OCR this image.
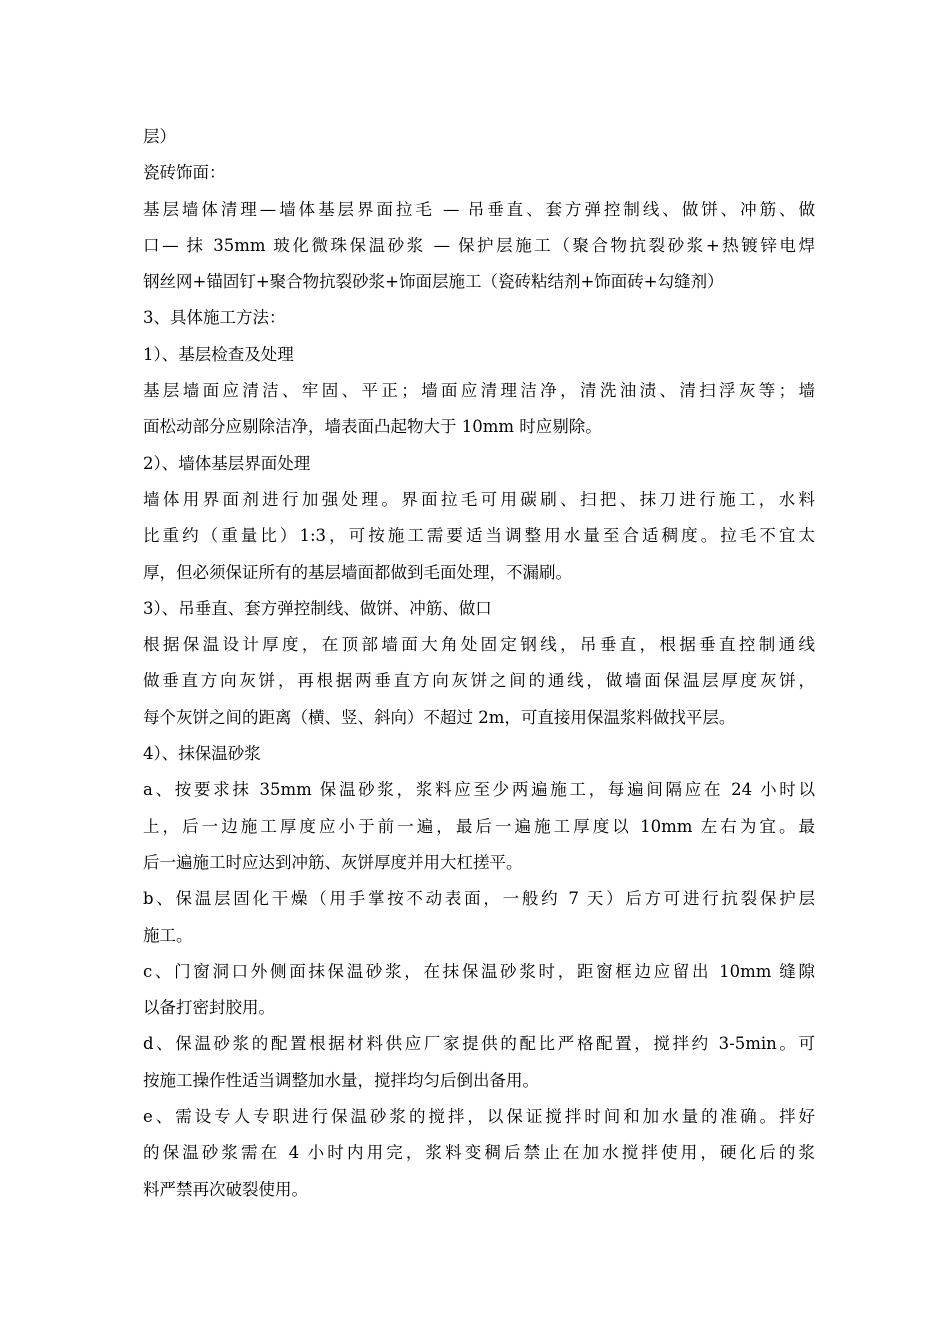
层）
瓷砖饰面：
基层墙体清理—墙体基层界面拉毛 — 吊垂直、套方弹控制线、做饼、冲筋、做
口— 抹 35mm 玻化微珠保温砂浆 — 保护层施工（聚合物抗裂砂浆+热镀锌电焊
钢丝网+锚固钉+聚合物抗裂砂浆+饰面层施工（瓷砖粘结剂+饰面砖+勾缝剂）
3、具体施工方法：
1）、基层检查及处理
基层墙面应清洁、牢固、平正；墙面应清理洁净，清洗油渍、清扫浮灰等；墙
面松动部分应剔除洁净，墙表面凸起物大于 10mm 时应剔除。
2）、墙体基层界面处理
墙体用界面剂进行加强处理。界面拉毛可用碳刷、扫把、抹刀进行施工，水料
比重约（重量比）1:3，可按施工需要适当调整用水量至合适稠度。拉毛不宜太
厚，但必须保证所有的基层墙面都做到毛面处理，不漏刷。
3）、吊垂直、套方弹控制线、做饼、冲筋、做口
根据保温设计厚度，在顶部墙面大角处固定钢线，吊垂直，根据垂直控制通线
做垂直方向灰饼，再根据两垂直方向灰饼之间的通线，做墙面保温层厚度灰饼，
每个灰饼之间的距离（横、竖、斜向）不超过 2m，可直接用保温浆料做找平层。
4）、抹保温砂浆
a、按要求抹 35mm 保温砂浆，浆料应至少两遍施工，每遍间隔应在 24 小时以
上，后一边施工厚度应小于前一遍，最后一遍施工厚度以 10mm 左右为宜。最
后一遍施工时应达到冲筋、灰饼厚度并用大杠搓平。
b、保温层固化干燥（用手掌按不动表面，一般约 7 天）后方可进行抗裂保护层
施工。
c、门窗洞口外侧面抹保温砂浆，在抹保温砂浆时，距窗框边应留出 10mm 缝隙
以备打密封胶用。
d、保温砂浆的配置根据材料供应厂家提供的配比严格配置，搅拌约 3-5min。可
按施工操作性适当调整加水量，搅拌均匀后倒出备用。
e、需设专人专职进行保温砂浆的搅拌，以保证搅拌时间和加水量的准确。拌好
的保温砂浆需在 4 小时内用完，浆料变稠后禁止在加水搅拌使用，硬化后的浆
料严禁再次破裂使用。
